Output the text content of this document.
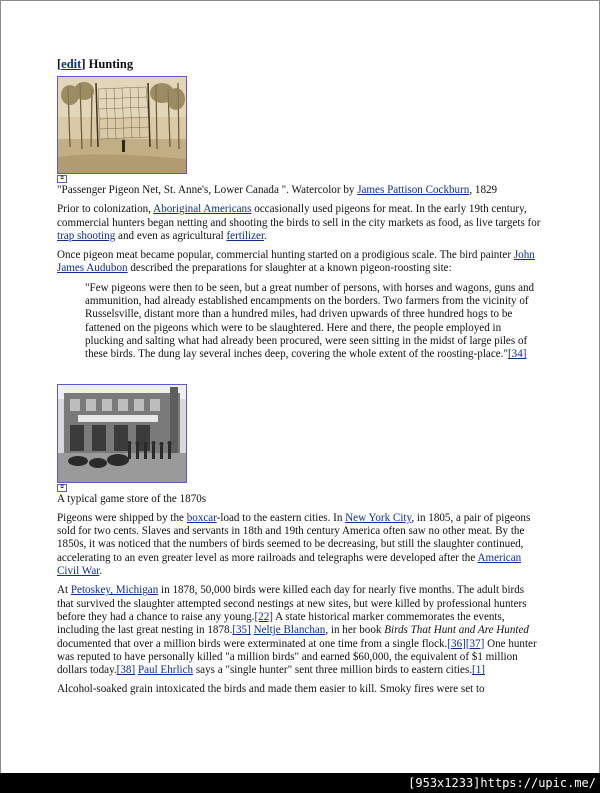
[edit] Hunting
⧉

"Passenger Pigeon Net, St. Anne's, Lower Canada ". Watercolor by James Pattison Cockburn, 1829

Prior to colonization, Aboriginal Americans occasionally used pigeons for meat. In the early 19th century, commercial hunters began netting and shooting the birds to sell in the city markets as food, as live targets for trap shooting and even as agricultural fertilizer.

Once pigeon meat became popular, commercial hunting started on a prodigious scale. The bird painter John James Audubon described the preparations for slaughter at a known pigeon-roosting site:

"Few pigeons were then to be seen, but a great number of persons, with horses and wagons, guns and ammunition, had already established encampments on the borders. Two farmers from the vicinity of Russelsville, distant more than a hundred miles, had driven upwards of three hundred hogs to be fattened on the pigeons which were to be slaughtered. Here and there, the people employed in plucking and salting what had already been procured, were seen sitting in the midst of large piles of these birds. The dung lay several inches deep, covering the whole extent of the roosting-place."[34]
⧉

A typical game store of the 1870s

Pigeons were shipped by the boxcar-load to the eastern cities. In New York City, in 1805, a pair of pigeons sold for two cents. Slaves and servants in 18th and 19th century America often saw no other meat. By the 1850s, it was noticed that the numbers of birds seemed to be decreasing, but still the slaughter continued, accelerating to an even greater level as more railroads and telegraphs were developed after the American Civil War.

At Petoskey, Michigan in 1878, 50,000 birds were killed each day for nearly five months. The adult birds that survived the slaughter attempted second nestings at new sites, but were killed by professional hunters before they had a chance to raise any young.[22] A state historical marker commemorates the events, including the last great nesting in 1878.[35] Neltje Blanchan, in her book Birds That Hunt and Are Hunted documented that over a million birds were exterminated at one time from a single flock.[36][37] One hunter was reputed to have personally killed "a million birds" and earned $60,000, the equivalent of $1 million dollars today.[38] Paul Ehrlich says a "single hunter" sent three million birds to eastern cities.[1]

Alcohol-soaked grain intoxicated the birds and made them easier to kill. Smoky fires were set to

[953x1233]https://upic.me/
